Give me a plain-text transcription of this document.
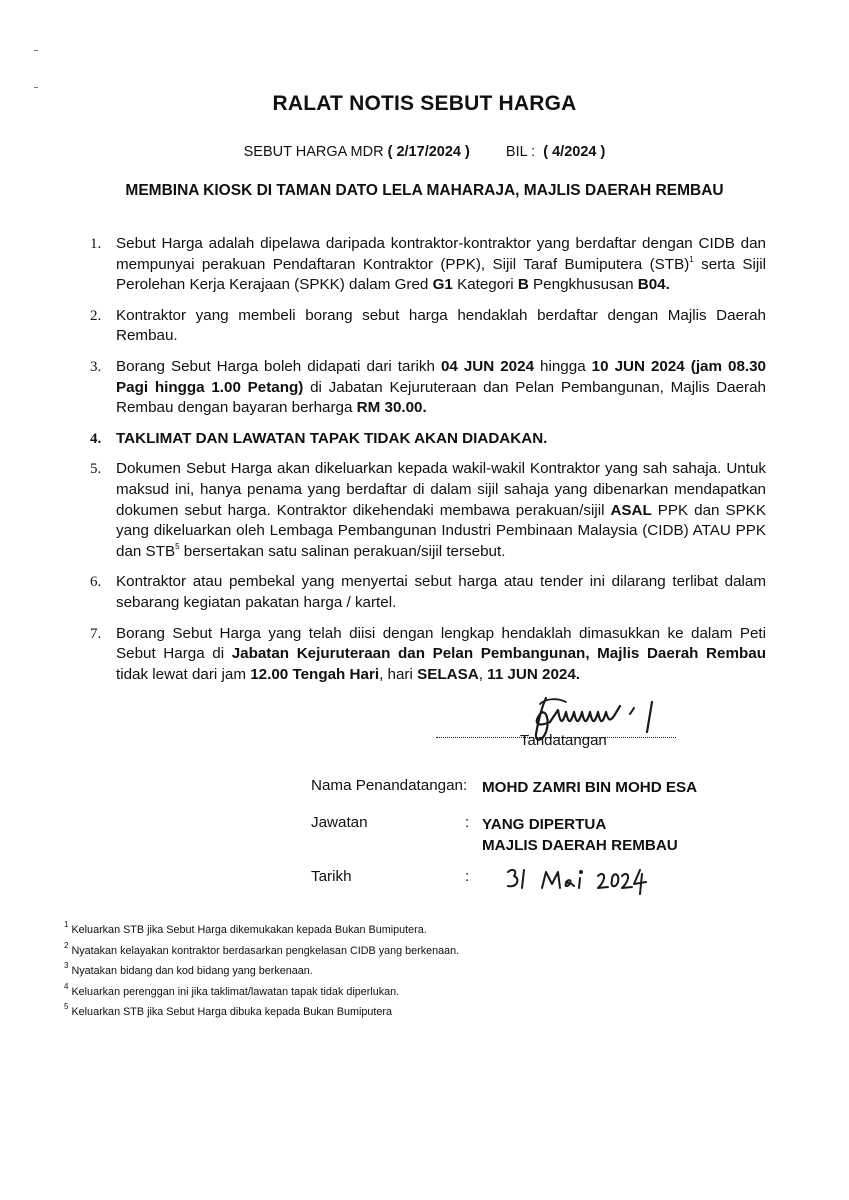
RALAT NOTIS SEBUT HARGA
SEBUT HARGA MDR ( 2/17/2024 ) BIL : ( 4/2024 )
MEMBINA KIOSK DI TAMAN DATO LELA MAHARAJA, MAJLIS DAERAH REMBAU
1. Sebut Harga adalah dipelawa daripada kontraktor-kontraktor yang berdaftar dengan CIDB dan mempunyai perakuan Pendaftaran Kontraktor (PPK), Sijil Taraf Bumiputera (STB)$^1$ serta Sijil Perolehan Kerja Kerajaan (SPKK) dalam Gred G1 Kategori B Pengkhususan B04.
2. Kontraktor yang membeli borang sebut harga hendaklah berdaftar dengan Majlis Daerah Rembau.
3. Borang Sebut Harga boleh didapati dari tarikh 04 JUN 2024 hingga 10 JUN 2024 (jam 08.30 Pagi hingga 1.00 Petang) di Jabatan Kejuruteraan dan Pelan Pembangunan, Majlis Daerah Rembau dengan bayaran berharga RM 30.00.
4. TAKLIMAT DAN LAWATAN TAPAK TIDAK AKAN DIADAKAN.
5. Dokumen Sebut Harga akan dikeluarkan kepada wakil-wakil Kontraktor yang sah sahaja. Untuk maksud ini, hanya penama yang berdaftar di dalam sijil sahaja yang dibenarkan mendapatkan dokumen sebut harga. Kontraktor dikehendaki membawa perakuan/sijil ASAL PPK dan SPKK yang dikeluarkan oleh Lembaga Pembangunan Industri Pembinaan Malaysia (CIDB) ATAU PPK dan STB$^5$ bersertakan satu salinan perakuan/sijil tersebut.
6. Kontraktor atau pembekal yang menyertai sebut harga atau tender ini dilarang terlibat dalam sebarang kegiatan pakatan harga / kartel.
7. Borang Sebut Harga yang telah diisi dengan lengkap hendaklah dimasukkan ke dalam Peti Sebut Harga di Jabatan Kejuruteraan dan Pelan Pembangunan, Majlis Daerah Rembau tidak lewat dari jam 12.00 Tengah Hari, hari SELASA, 11 JUN 2024.
Tandatangan
Nama Penandatangan: MOHD ZAMRI BIN MOHD ESA
Jawatan	: YANG DIPERTUA
MAJLIS DAERAH REMBAU
Tarikh	:
$^1$ Keluarkan STB jika Sebut Harga dikemukakan kepada Bukan Bumiputera.
$^2$ Nyatakan kelayakan kontraktor berdasarkan pengkelasan CIDB yang berkenaan.
$^3$ Nyatakan bidang dan kod bidang yang berkenaan.
$^4$ Keluarkan perenggan ini jika taklimat/lawatan tapak tidak diperlukan.
$^5$ Keluarkan STB jika Sebut Harga dibuka kepada Bukan Bumiputera
